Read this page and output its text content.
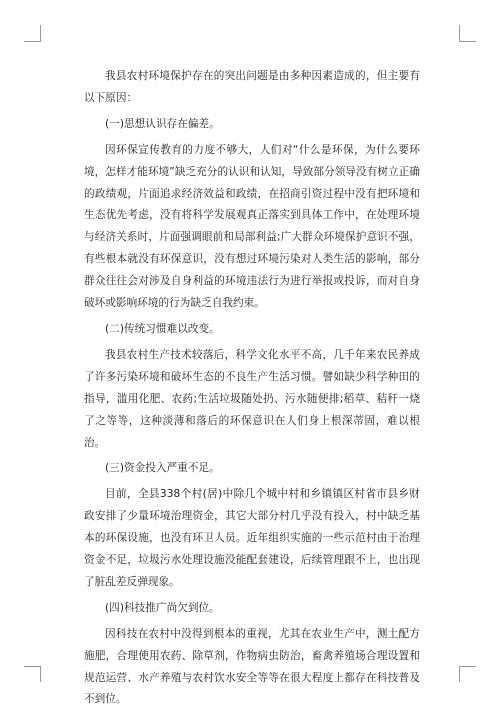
我县农村环境保护存在的突出问题是由多种因素造成的，但主要有以下原因：

(一)思想认识存在偏差。

因环保宣传教育的力度不够大，人们对“什么是环保，为什么要环境，怎样才能环境”缺乏充分的认识和认知，导致部分领导没有树立正确的政绩观，片面追求经济效益和政绩，在招商引资过程中没有把环境和生态优先考虑，没有将科学发展观真正落实到具体工作中，在处理环境与经济关系时，片面强调眼前和局部利益;广大群众环境保护意识不强，有些根本就没有环保意识，没有想过环境污染对人类生活的影响，部分群众往往会对涉及自身利益的环境违法行为进行举报或投诉，而对自身破坏或影响环境的行为缺乏自我约束。

(二)传统习惯难以改变。

我县农村生产技术较落后，科学文化水平不高，几千年来农民养成了许多污染环境和破坏生态的不良生产生活习惯。譬如缺少科学种田的指导，滥用化肥、农药;生活垃圾随处扔、污水随便排;稻草、秸秆一烧了之等等，这种淡薄和落后的环保意识在人们身上根深蒂固，难以根治。

(三)资金投入严重不足。

目前，全县338个村(居)中除几个城中村和乡镇镇区村省市县乡财政安排了少量环境治理资金，其它大部分村几乎没有投入，村中缺乏基本的环保设施，也没有环卫人员。近年组织实施的一些示范村由于治理资金不足，垃圾污水处理设施没能配套建设，后续管理跟不上，也出现了脏乱差反弹现象。

(四)科技推广尚欠到位。

因科技在农村中没得到根本的重视，尤其在农业生产中，测土配方施肥，合理使用农药、除草剂，作物病虫防治，畜禽养殖场合理设置和规范运营、水产养殖与农村饮水安全等等在很大程度上都存在科技普及不到位。
